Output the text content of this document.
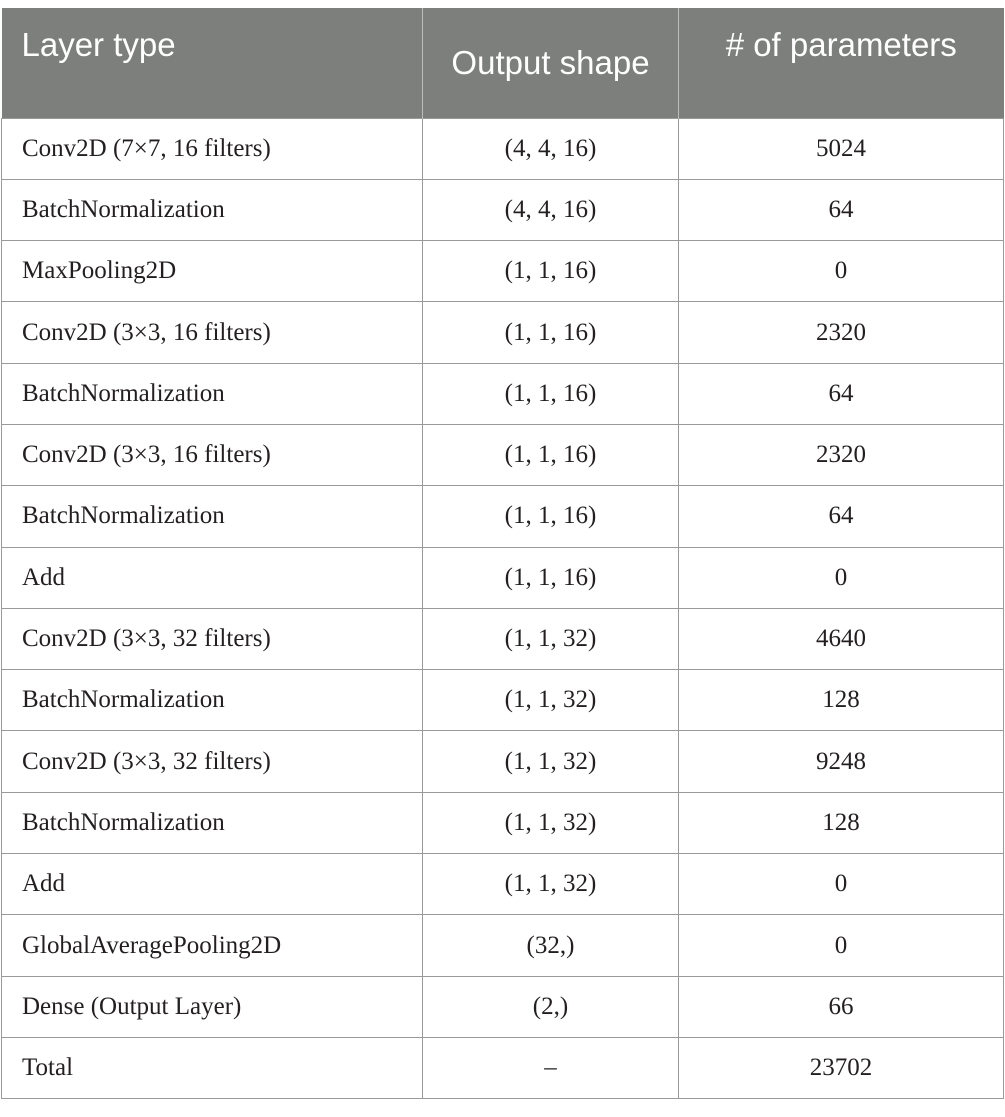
Layer type	Output shape	# of parameters
Conv2D (7×7, 16 filters)	(4, 4, 16)	5024
BatchNormalization	(4, 4, 16)	64
MaxPooling2D	(1, 1, 16)	0
Conv2D (3×3, 16 filters)	(1, 1, 16)	2320
BatchNormalization	(1, 1, 16)	64
Conv2D (3×3, 16 filters)	(1, 1, 16)	2320
BatchNormalization	(1, 1, 16)	64
Add	(1, 1, 16)	0
Conv2D (3×3, 32 filters)	(1, 1, 32)	4640
BatchNormalization	(1, 1, 32)	128
Conv2D (3×3, 32 filters)	(1, 1, 32)	9248
BatchNormalization	(1, 1, 32)	128
Add	(1, 1, 32)	0
GlobalAveragePooling2D	(32,)	0
Dense (Output Layer)	(2,)	66
Total	–	23702
